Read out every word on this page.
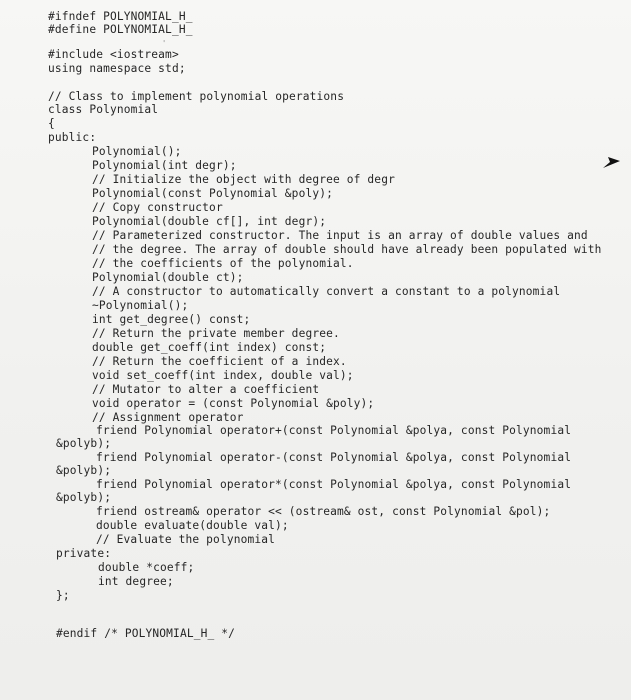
#ifndef POLYNOMIAL_H_
#define POLYNOMIAL_H_
'
#include <iostream>
using namespace std;
// Class to implement polynomial operations
class Polynomial
{
public:
Polynomial();
Polynomial(int degr);
// Initialize the object with degree of degr
Polynomial(const Polynomial &poly);
// Copy constructor
Polynomial(double cf[], int degr);
// Parameterized constructor. The input is an array of double values and
// the degree. The array of double should have already been populated with
// the coefficients of the polynomial.
Polynomial(double ct);
// A constructor to automatically convert a constant to a polynomial
~Polynomial();
int get_degree() const;
// Return the private member degree.
double get_coeff(int index) const;
// Return the coefficient of a index.
void set_coeff(int index, double val);
// Mutator to alter a coefficient
void operator = (const Polynomial &poly);
// Assignment operator
friend Polynomial operator+(const Polynomial &polya, const Polynomial
&polyb);
friend Polynomial operator-(const Polynomial &polya, const Polynomial
&polyb);
friend Polynomial operator*(const Polynomial &polya, const Polynomial
&polyb);
friend ostream& operator << (ostream& ost, const Polynomial &pol);
double evaluate(double val);
// Evaluate the polynomial
private:
double *coeff;
int degree;
};
#endif /* POLYNOMIAL_H_ */
